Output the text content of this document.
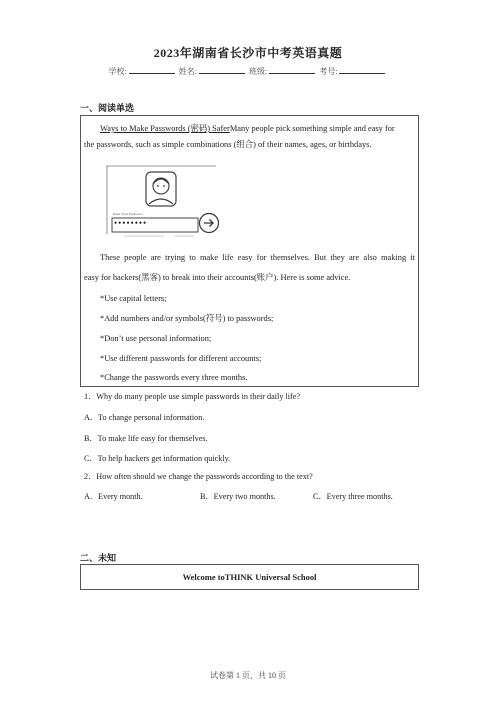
2023年湖南省长沙市中考英语真题
学校:	姓名:	班级:	考号:
一、阅读单选
Ways to Make Passwords (密码) SaferMany people pick something simple and easy for
the passwords, such as simple combinations (组合) of their names, ages, or birthdays.
Enter Your Password
••••••••
These people are trying to make life easy for themselves. But they are also making it
easy for hackers(黑客) to break into their accounts(账户). Here is some advice.
*Use capital letters;
*Add numbers and/or symbols(符号) to passwords;
*Don’t use personal information;
*Use different passwords for different accounts;
*Change the passwords every three months.
1．Why do many people use simple passwords in their daily life?
A．To change personal information.
B．To make life easy for themselves.
C．To help hackers get information quickly.
2．How often should we change the passwords according to the text?
A．Every month.	B．Every two months.	C．Every three months.
二、未知
Welcome toTHINK Universal School
试卷第 1 页，共 10 页
